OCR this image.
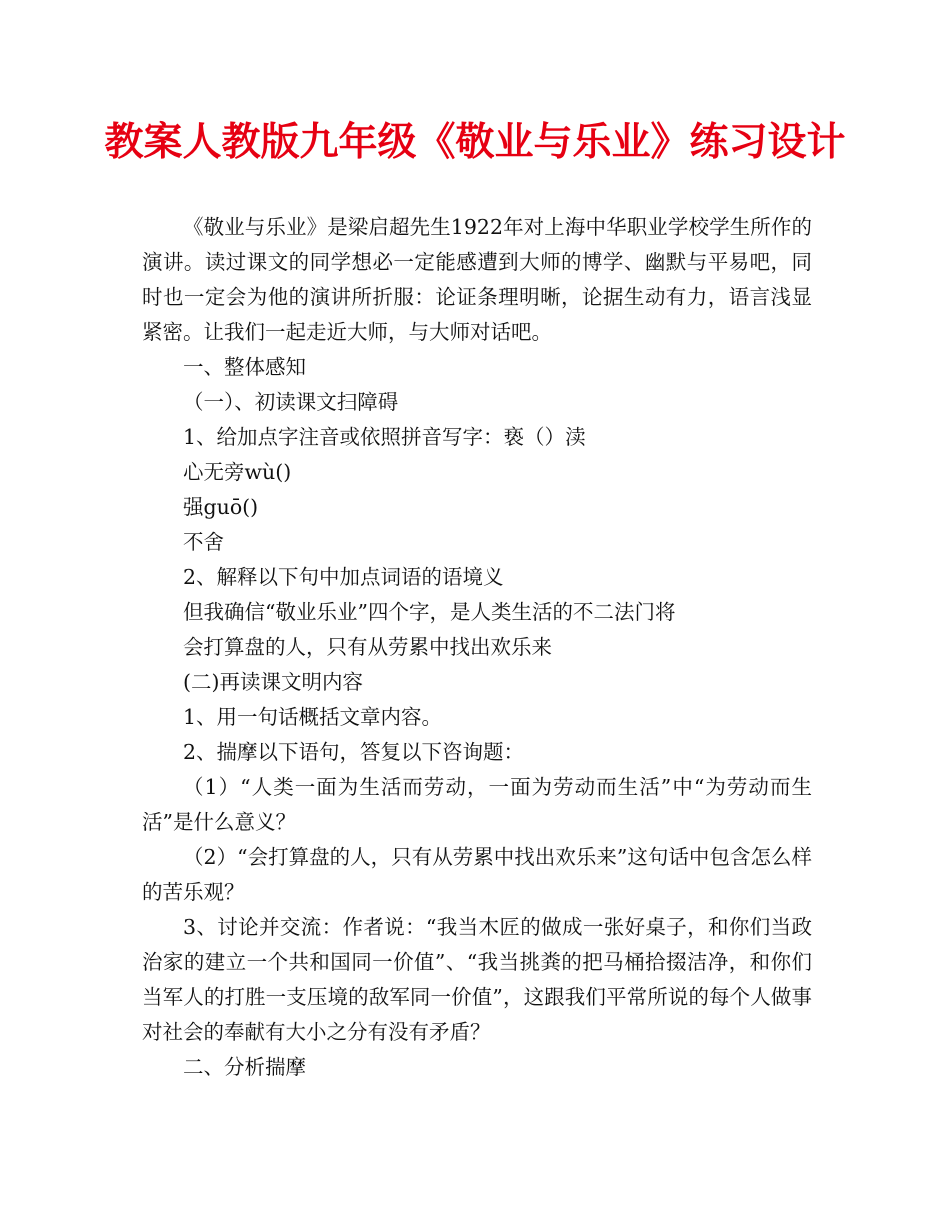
教案人教版九年级《敬业与乐业》练习设计

《敬业与乐业》是梁启超先生1922年对上海中华职业学校学生所作的演讲。读过课文的同学想必一定能感遭到大师的博学、幽默与平易吧，同时也一定会为他的演讲所折服：论证条理明晰，论据生动有力，语言浅显紧密。让我们一起走近大师，与大师对话吧。

一、整体感知

（一）、初读课文扫障碍

1、给加点字注音或依照拼音写字：亵（）渎

心无旁wù()

强guō()

不舍

2、解释以下句中加点词语的语境义

但我确信“敬业乐业”四个字，是人类生活的不二法门将

会打算盘的人，只有从劳累中找出欢乐来

(二)再读课文明内容

1、用一句话概括文章内容。

2、揣摩以下语句，答复以下咨询题：

（1）“人类一面为生活而劳动，一面为劳动而生活”中“为劳动而生活”是什么意义？

（2）“会打算盘的人，只有从劳累中找出欢乐来”这句话中包含怎么样的苦乐观？

3、讨论并交流：作者说：“我当木匠的做成一张好桌子，和你们当政治家的建立一个共和国同一价值”、“我当挑粪的把马桶拾掇洁净，和你们当军人的打胜一支压境的敌军同一价值”，这跟我们平常所说的每个人做事对社会的奉献有大小之分有没有矛盾？

二、分析揣摩
